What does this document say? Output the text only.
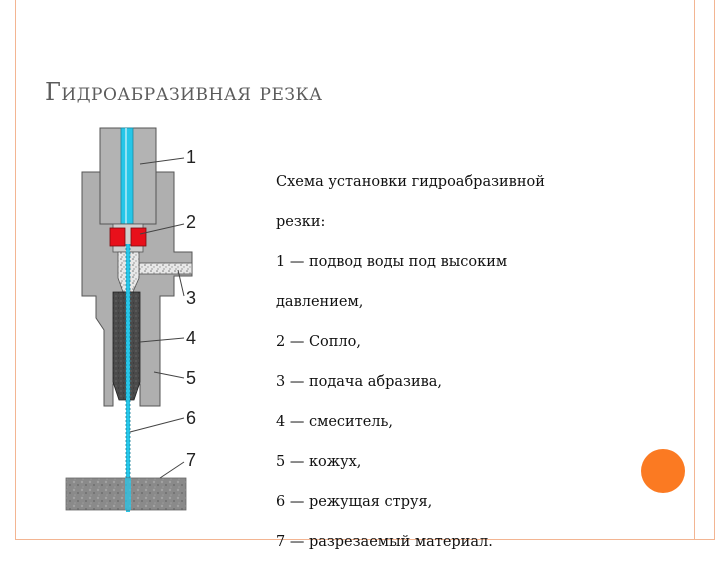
Гидроабразивная резка
1
2
3
4
5
6
7

Схема установки гидроабразивной

резки:

1 — подвод воды под высоким

давлением,

2 — Сопло,

3 — подача абразива,

4 — смеситель,

5 — кожух,

6 — режущая струя,

7 — разрезаемый материал.
